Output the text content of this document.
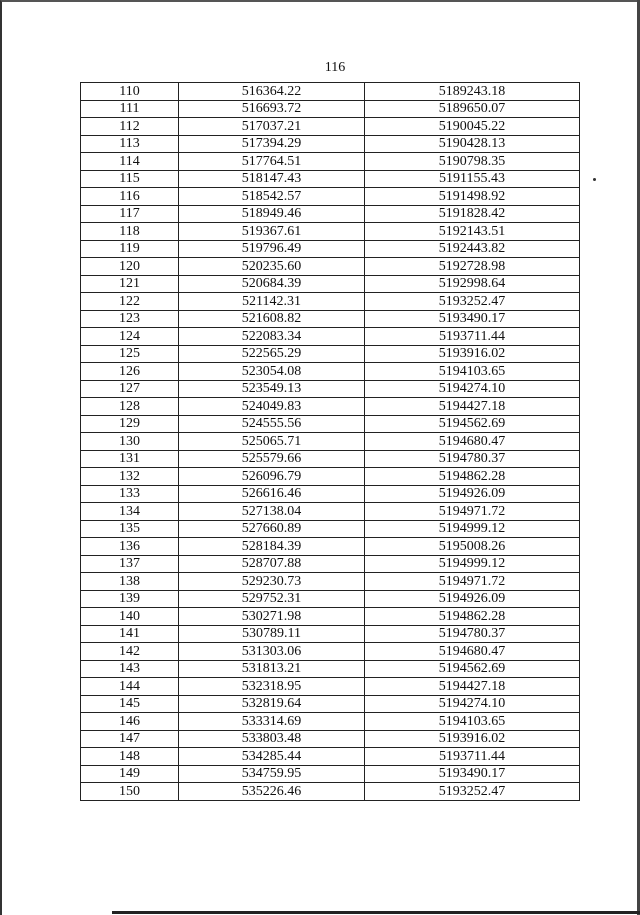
116
110	516364.22	5189243.18
111	516693.72	5189650.07
112	517037.21	5190045.22
113	517394.29	5190428.13
114	517764.51	5190798.35
115	518147.43	5191155.43
116	518542.57	5191498.92
117	518949.46	5191828.42
118	519367.61	5192143.51
119	519796.49	5192443.82
120	520235.60	5192728.98
121	520684.39	5192998.64
122	521142.31	5193252.47
123	521608.82	5193490.17
124	522083.34	5193711.44
125	522565.29	5193916.02
126	523054.08	5194103.65
127	523549.13	5194274.10
128	524049.83	5194427.18
129	524555.56	5194562.69
130	525065.71	5194680.47
131	525579.66	5194780.37
132	526096.79	5194862.28
133	526616.46	5194926.09
134	527138.04	5194971.72
135	527660.89	5194999.12
136	528184.39	5195008.26
137	528707.88	5194999.12
138	529230.73	5194971.72
139	529752.31	5194926.09
140	530271.98	5194862.28
141	530789.11	5194780.37
142	531303.06	5194680.47
143	531813.21	5194562.69
144	532318.95	5194427.18
145	532819.64	5194274.10
146	533314.69	5194103.65
147	533803.48	5193916.02
148	534285.44	5193711.44
149	534759.95	5193490.17
150	535226.46	5193252.47
